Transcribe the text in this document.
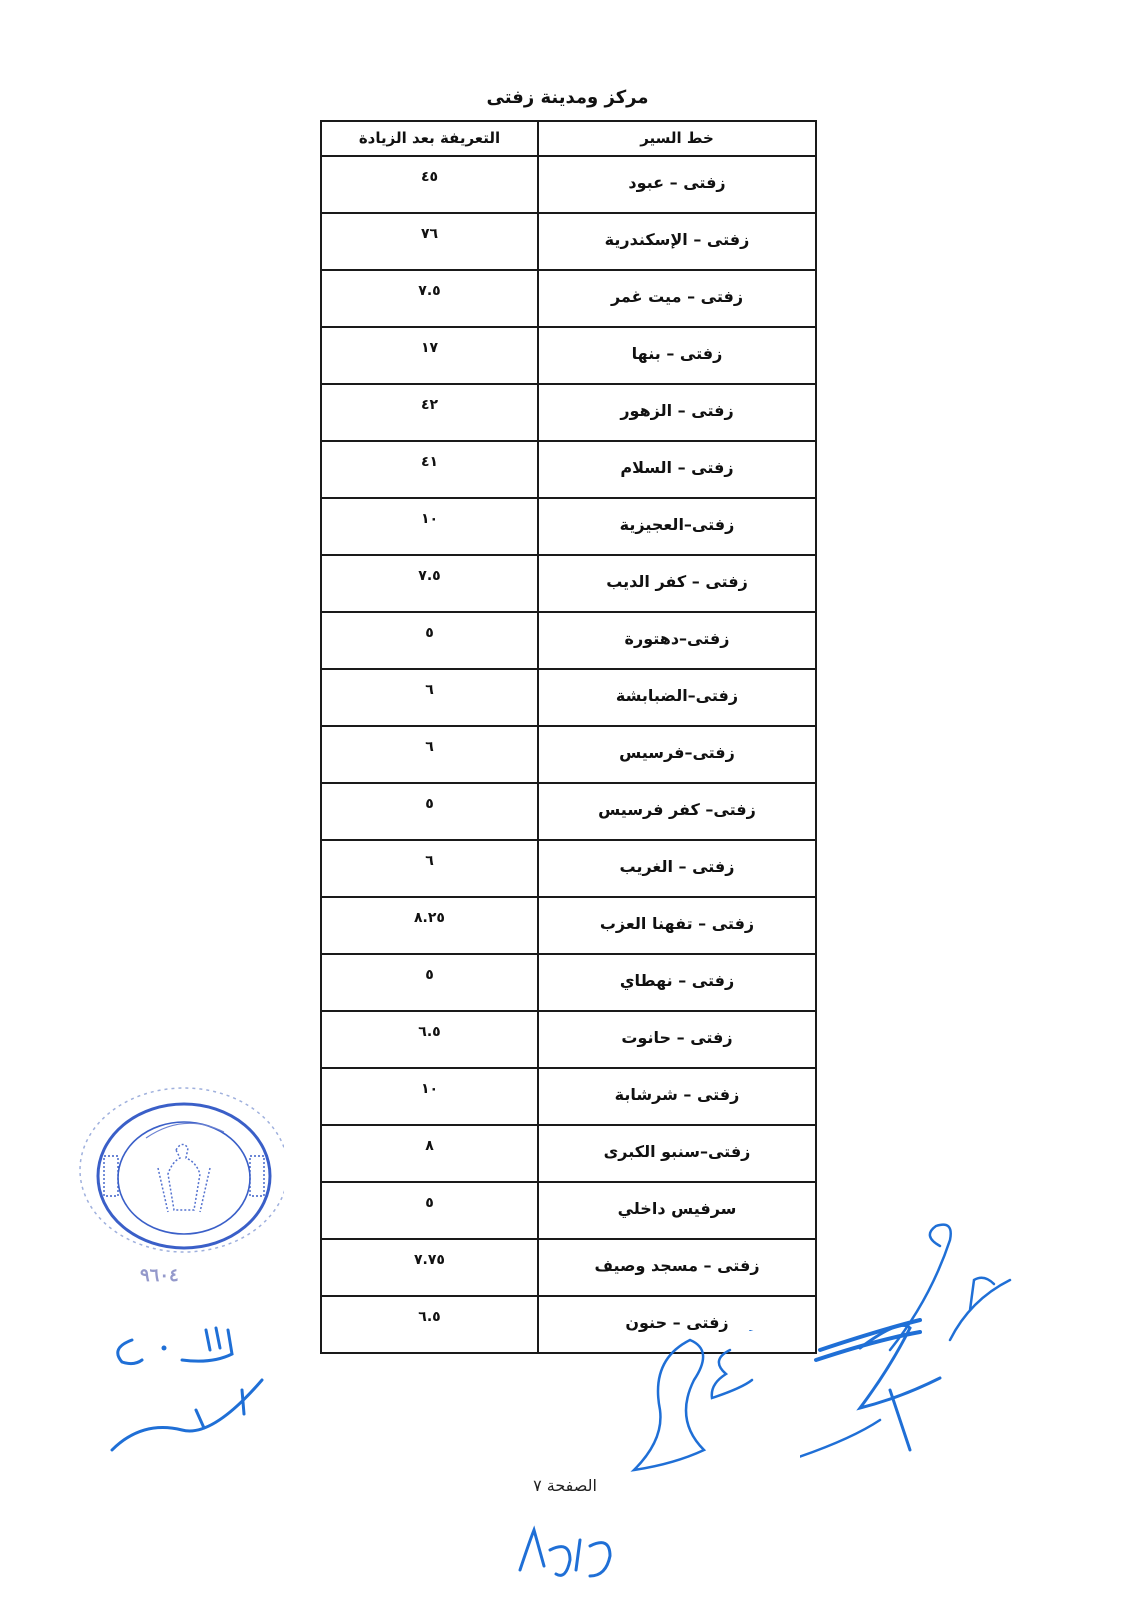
مركز ومدينة زفتى
خط السير	التعريفة بعد الزيادة

زفتى – عبود	٤٥

زفتى – الإسكندرية	٧٦

زفتى – ميت غمر	٧.٥

زفتى – بنها	١٧

زفتى – الزهور	٤٢

زفتى – السلام	٤١

زفتى–العجيزية	١٠

زفتى – كفر الديب	٧.٥

زفتى–دهتورة	٥

زفتى–الضبابشة	٦

زفتى–فرسيس	٦

زفتى– كفر فرسيس	٥

زفتى – الغريب	٦

زفتى – تفهنا العزب	٨.٢٥

زفتى – نهطاي	٥

زفتى – حانوت	٦.٥

زفتى – شرشابة	١٠

زفتى–سنبو الكبرى	٨

سرفيس داخلي	٥

زفتى – مسجد وصيف	٧.٧٥

زفتى – حنون	٦.٥
٩٦٠٤
الصفحة ٧
